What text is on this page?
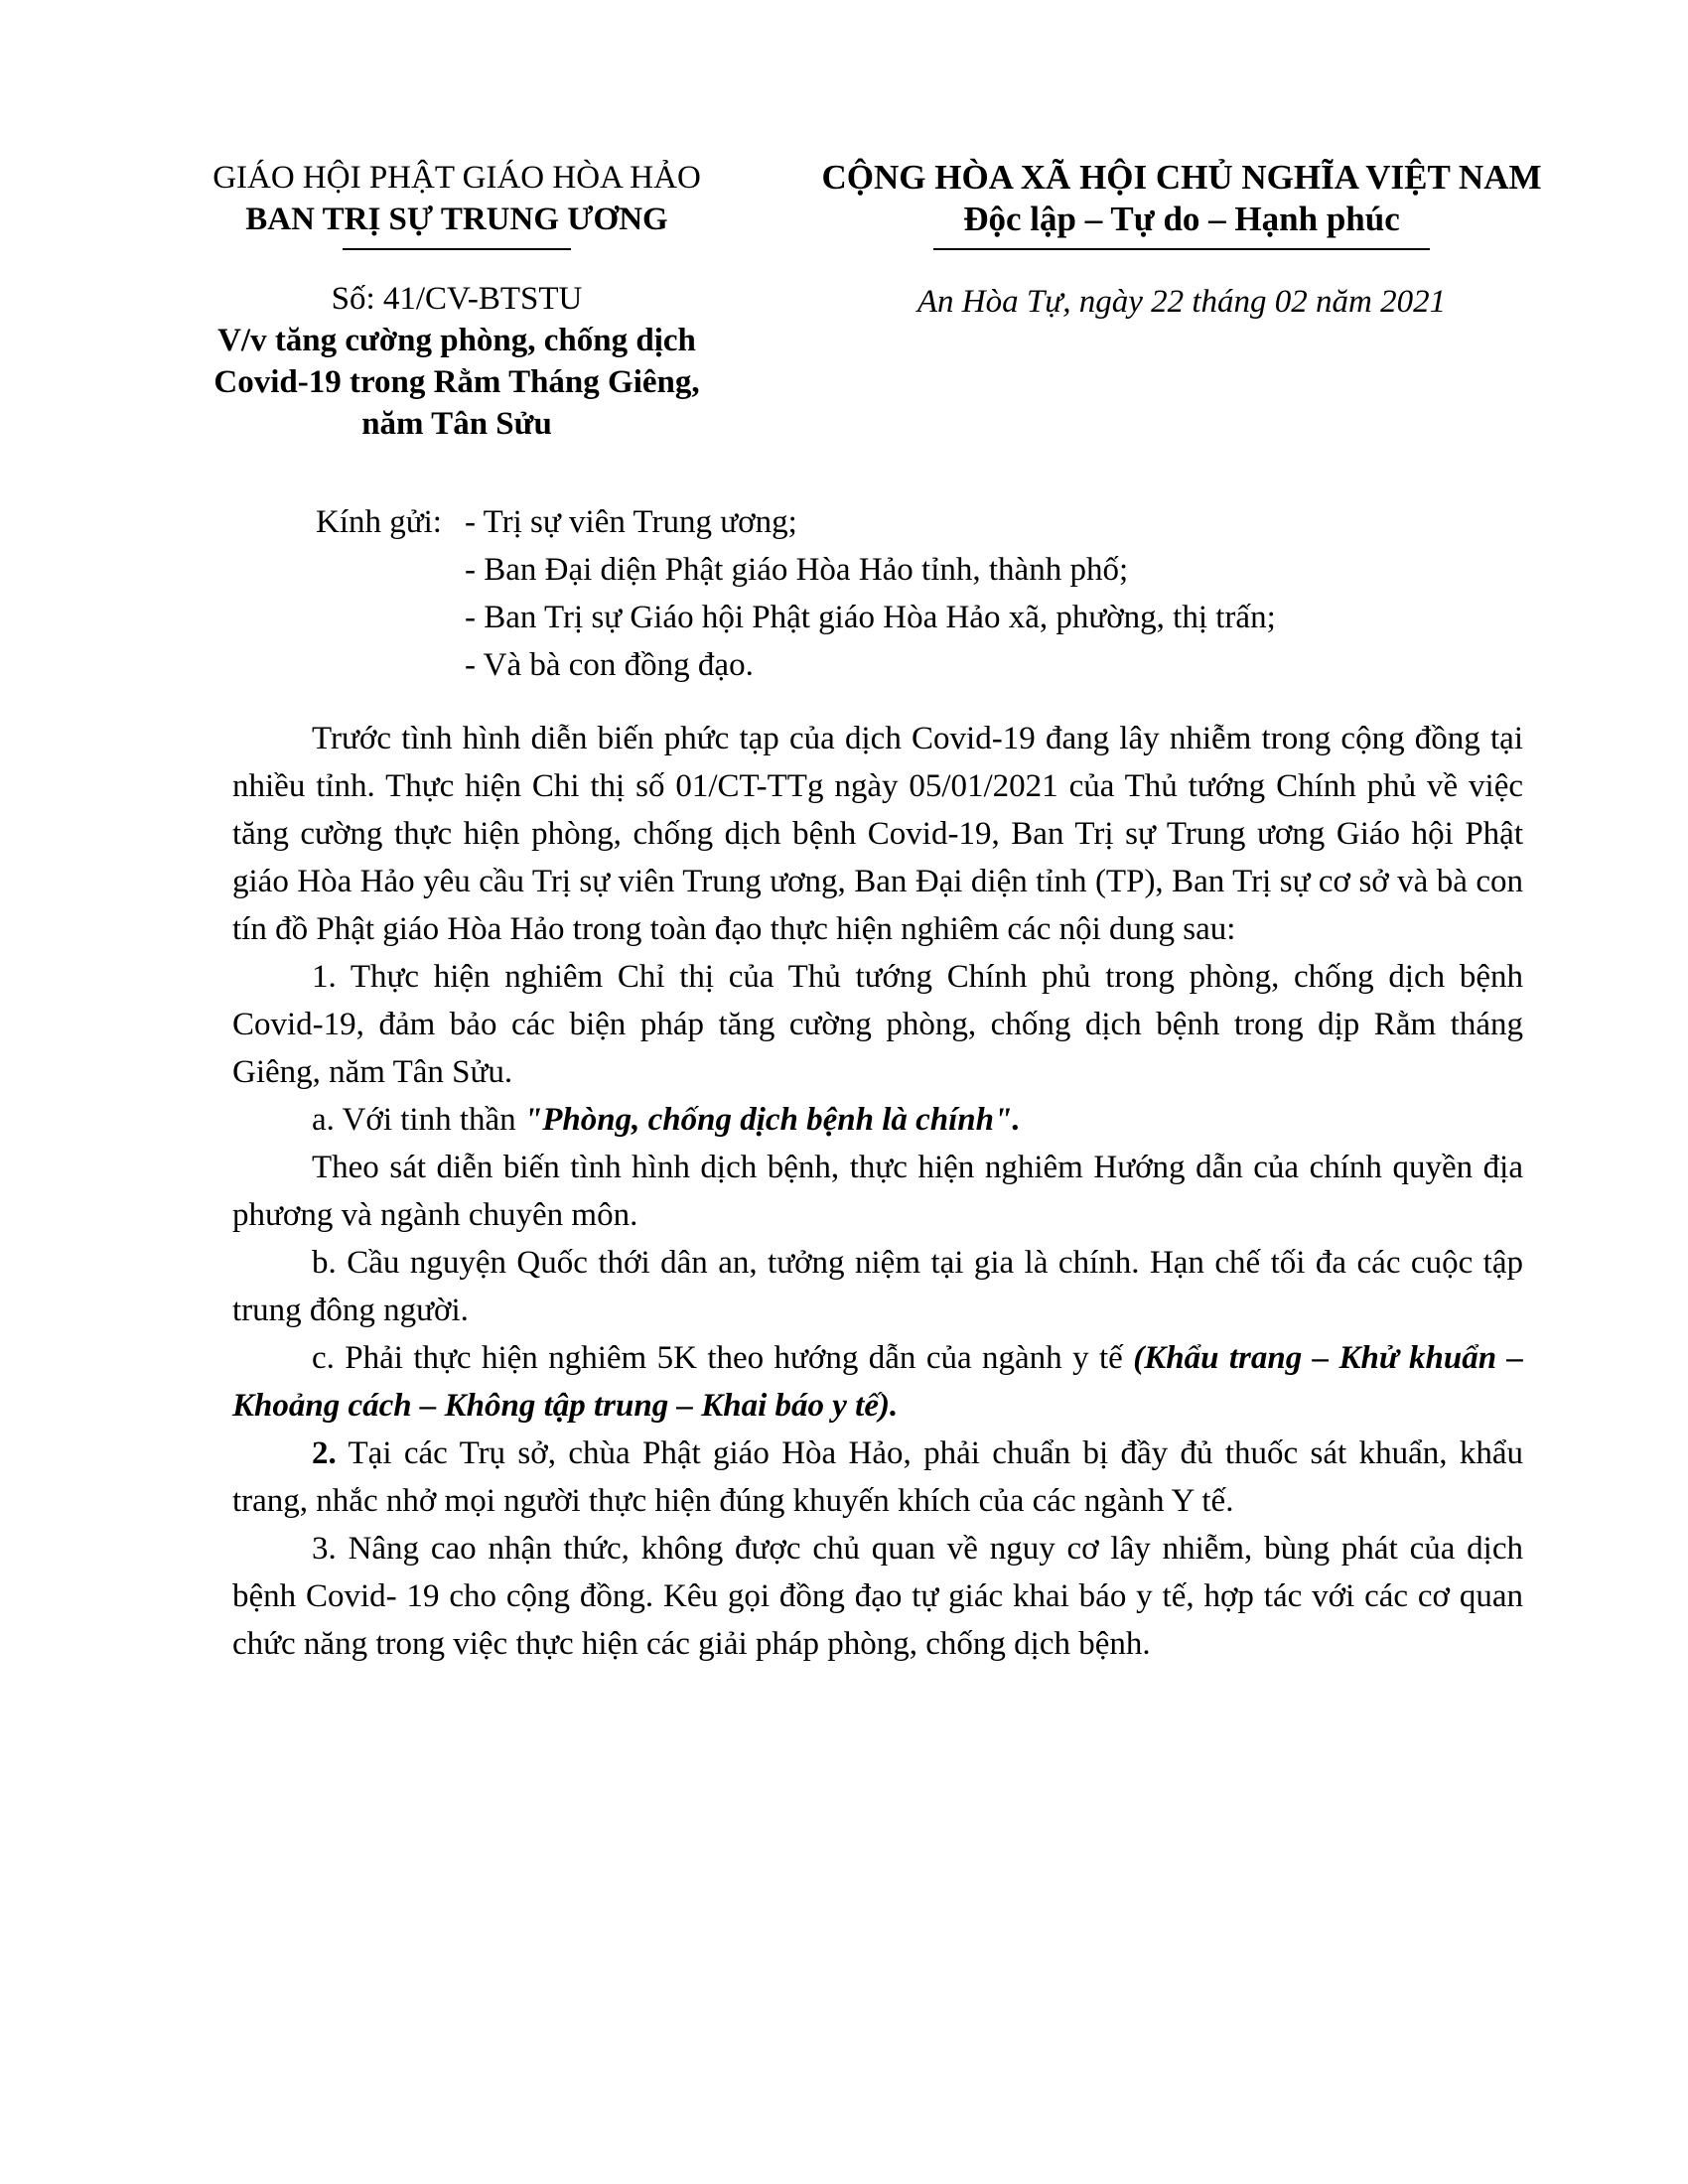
GIÁO HỘI PHẬT GIÁO HÒA HẢO
BAN TRỊ SỰ TRUNG ƯƠNG
CỘNG HÒA XÃ HỘI CHỦ NGHĨA VIỆT NAM
Độc lập – Tự do – Hạnh phúc
Số: 41/CV-BTSTU
V/v tăng cường phòng, chống dịch
Covid-19 trong Rằm Tháng Giêng,
năm Tân Sửu
An Hòa Tự, ngày 22 tháng 02 năm 2021
Kính gửi: - Trị sự viên Trung ương;
- Ban Đại diện Phật giáo Hòa Hảo tỉnh, thành phố;
- Ban Trị sự Giáo hội Phật giáo Hòa Hảo xã, phường, thị trấn;
- Và bà con đồng đạo.

Trước tình hình diễn biến phức tạp của dịch Covid-19 đang lây nhiễm trong cộng đồng tại nhiều tỉnh. Thực hiện Chi thị số 01/CT-TTg ngày 05/01/2021 của Thủ tướng Chính phủ về việc tăng cường thực hiện phòng, chống dịch bệnh Covid-19, Ban Trị sự Trung ương Giáo hội Phật giáo Hòa Hảo yêu cầu Trị sự viên Trung ương, Ban Đại diện tỉnh (TP), Ban Trị sự cơ sở và bà con tín đồ Phật giáo Hòa Hảo trong toàn đạo thực hiện nghiêm các nội dung sau:

1. Thực hiện nghiêm Chỉ thị của Thủ tướng Chính phủ trong phòng, chống dịch bệnh Covid-19, đảm bảo các biện pháp tăng cường phòng, chống dịch bệnh trong dịp Rằm tháng Giêng, năm Tân Sửu.

a. Với tinh thần "Phòng, chống dịch bệnh là chính".

Theo sát diễn biến tình hình dịch bệnh, thực hiện nghiêm Hướng dẫn của chính quyền địa phương và ngành chuyên môn.

b. Cầu nguyện Quốc thới dân an, tưởng niệm tại gia là chính. Hạn chế tối đa các cuộc tập trung đông người.

c. Phải thực hiện nghiêm 5K theo hướng dẫn của ngành y tế (Khẩu trang – Khử khuẩn – Khoảng cách – Không tập trung – Khai báo y tế).

2. Tại các Trụ sở, chùa Phật giáo Hòa Hảo, phải chuẩn bị đầy đủ thuốc sát khuẩn, khẩu trang, nhắc nhở mọi người thực hiện đúng khuyến khích của các ngành Y tế.

3. Nâng cao nhận thức, không được chủ quan về nguy cơ lây nhiễm, bùng phát của dịch bệnh Covid- 19 cho cộng đồng. Kêu gọi đồng đạo tự giác khai báo y tế, hợp tác với các cơ quan chức năng trong việc thực hiện các giải pháp phòng, chống dịch bệnh.
